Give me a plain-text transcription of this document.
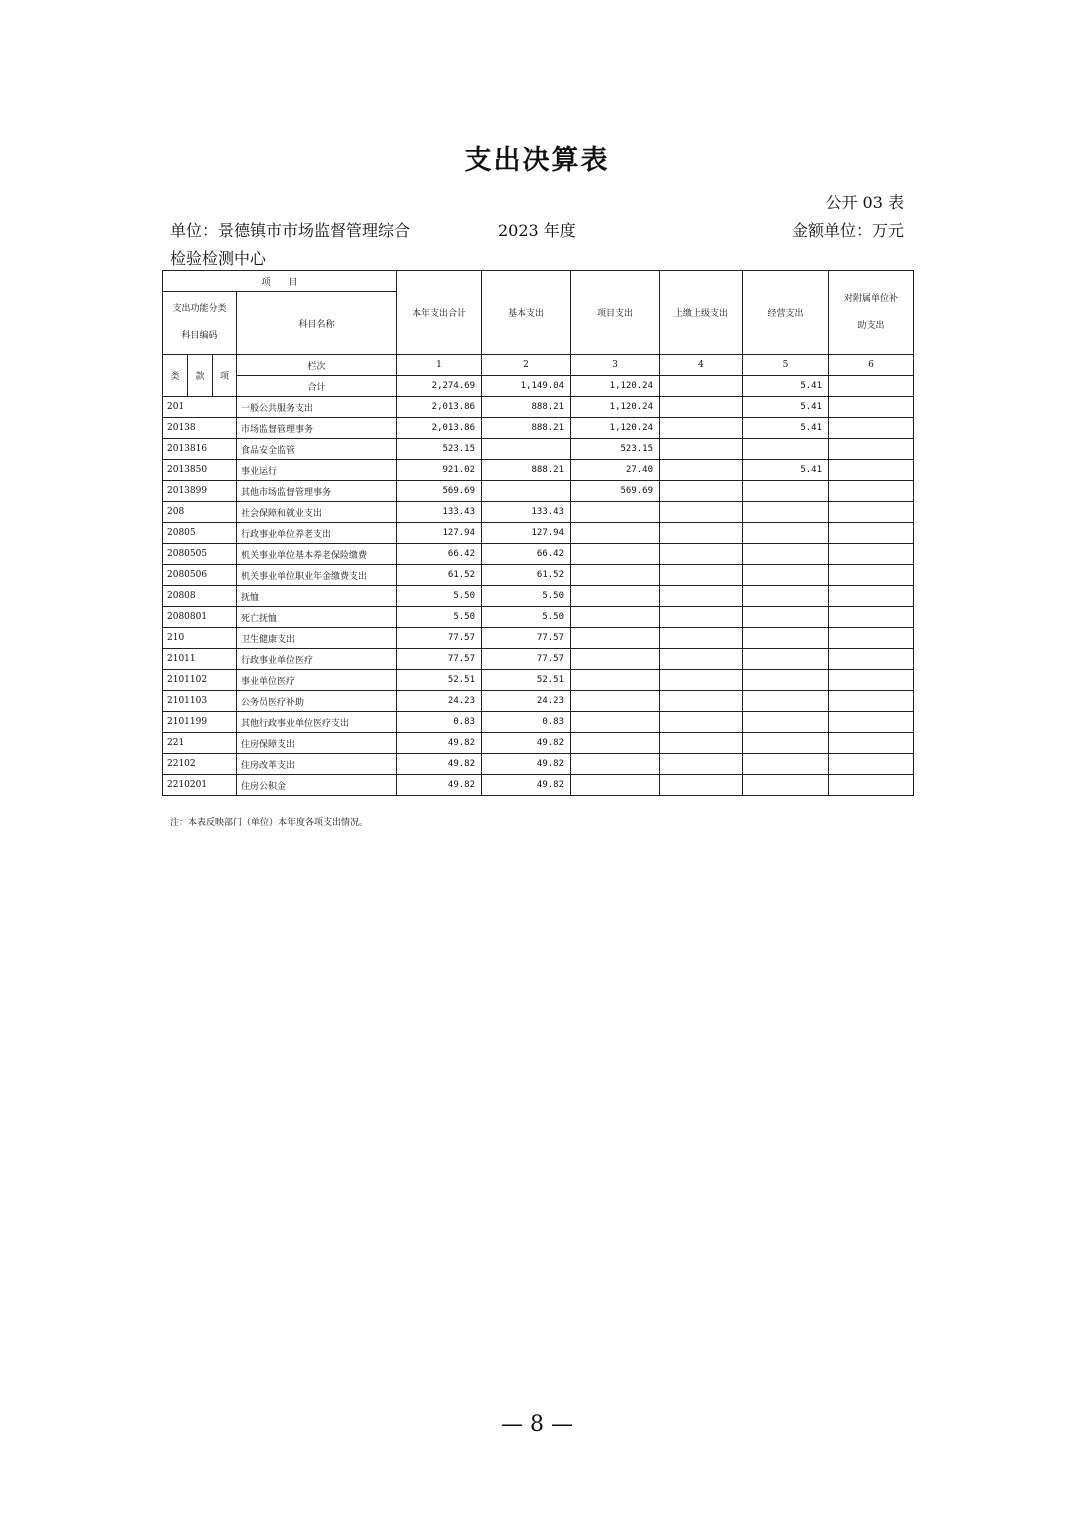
支出决算表
公开 03 表
单位：景德镇市市场监督管理综合
检验检测中心
2023 年度	金额单位：万元
项　　目				本年支出合计	基本支出	项目支出	上缴上级支出	经营支出	对附属单位补
助支出
支出功能分类
科目编码			科目名称						
类	款	项	栏次	1	2	3	4	5	6
			合计	2,274.69	1,149.04	1,120.24		5.41	
201			一般公共服务支出	2,013.86	888.21	1,120.24		5.41	
20138			市场监督管理事务	2,013.86	888.21	1,120.24		5.41	
2013816			食品安全监管	523.15		523.15			
2013850			事业运行	921.02	888.21	27.40		5.41	
2013899			其他市场监督管理事务	569.69		569.69			
208			社会保障和就业支出	133.43	133.43				
20805			行政事业单位养老支出	127.94	127.94				
2080505			机关事业单位基本养老保险缴费	66.42	66.42				
2080506			机关事业单位职业年金缴费支出	61.52	61.52				
20808			抚恤	5.50	5.50				
2080801			死亡抚恤	5.50	5.50				
210			卫生健康支出	77.57	77.57				
21011			行政事业单位医疗	77.57	77.57				
2101102			事业单位医疗	52.51	52.51				
2101103			公务员医疗补助	24.23	24.23				
2101199			其他行政事业单位医疗支出	0.83	0.83				
221			住房保障支出	49.82	49.82				
22102			住房改革支出	49.82	49.82				
2210201			住房公积金	49.82	49.82				
注：本表反映部门（单位）本年度各项支出情况。
— 8 —
